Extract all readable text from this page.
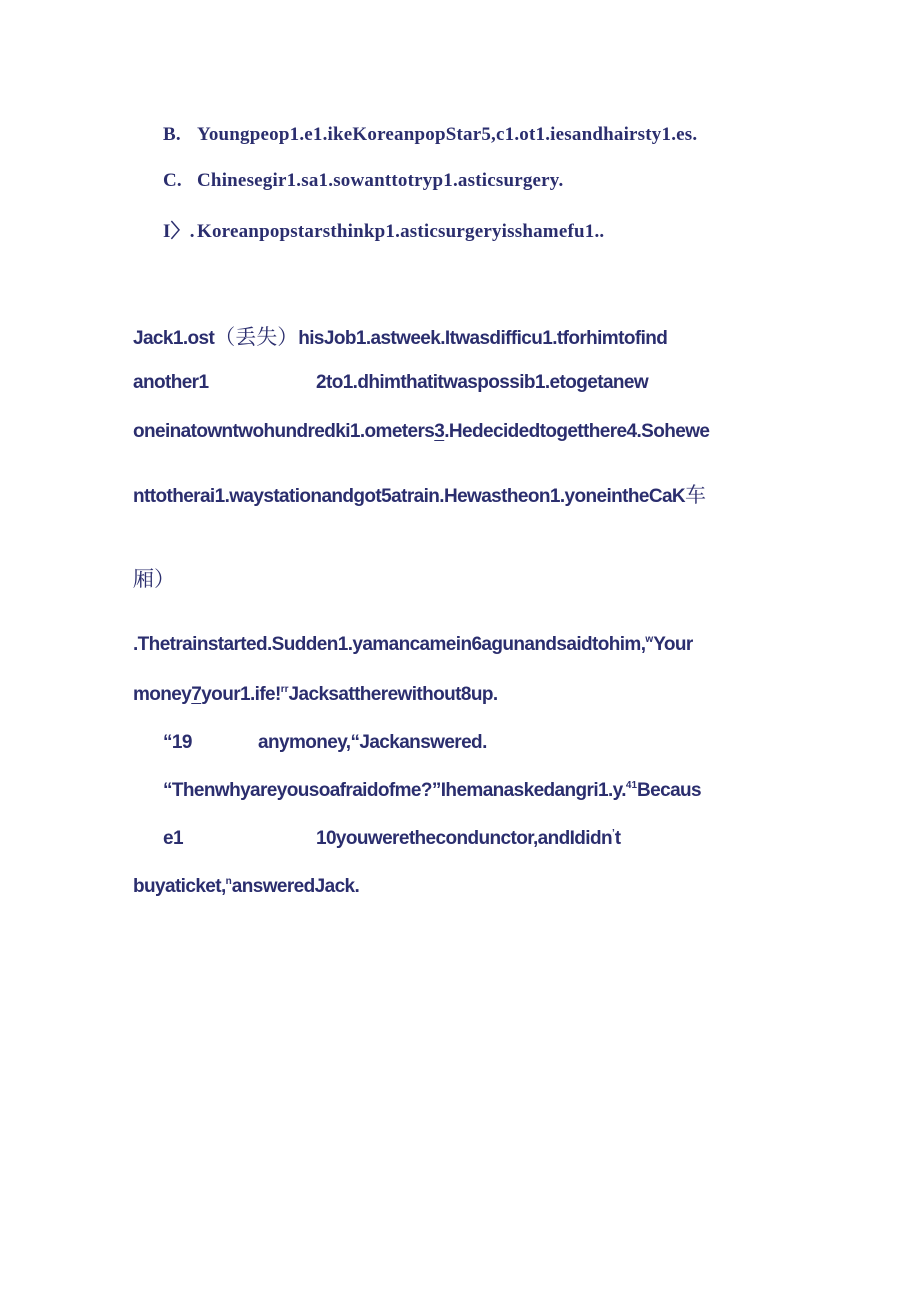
B. Youngpeop1.e1.ikeKoreanpopStar5,c1.ot1.iesandhairsty1.es.
C. Chinesegir1.sa1.sowanttotryp1.asticsurgery.
I〉. Koreanpopstarsthinkp1.asticsurgeryisshamefu1..
Jack1.ost（丢失）hisJob1.astweek.Itwasdifficu1.tforhimtofind
another1	2to1.dhimthatitwaspossib1.etogetanew
oneinatowntwohundredki1.ometers3.Hedecidedtogetthere4.Sohewe
nttotherai1.waystationandgot5atrain.Hewastheon1.yoneintheCaK车
厢）
.Thetrainstarted.Sudden1.yamancamein6agunandsaidtohim,$^w$Your
money7your1.ife!$^{rr}$Jacksattherewithout8up.
“19	anymoney,“Jackanswered.
“Thenwhyareyousoafraidofme?”Ihemanaskedangri1.y.$^{41}$Becaus
e1	10youwerethecondunctor,andIdidn’t
buyaticket,$^n$answeredJack.
